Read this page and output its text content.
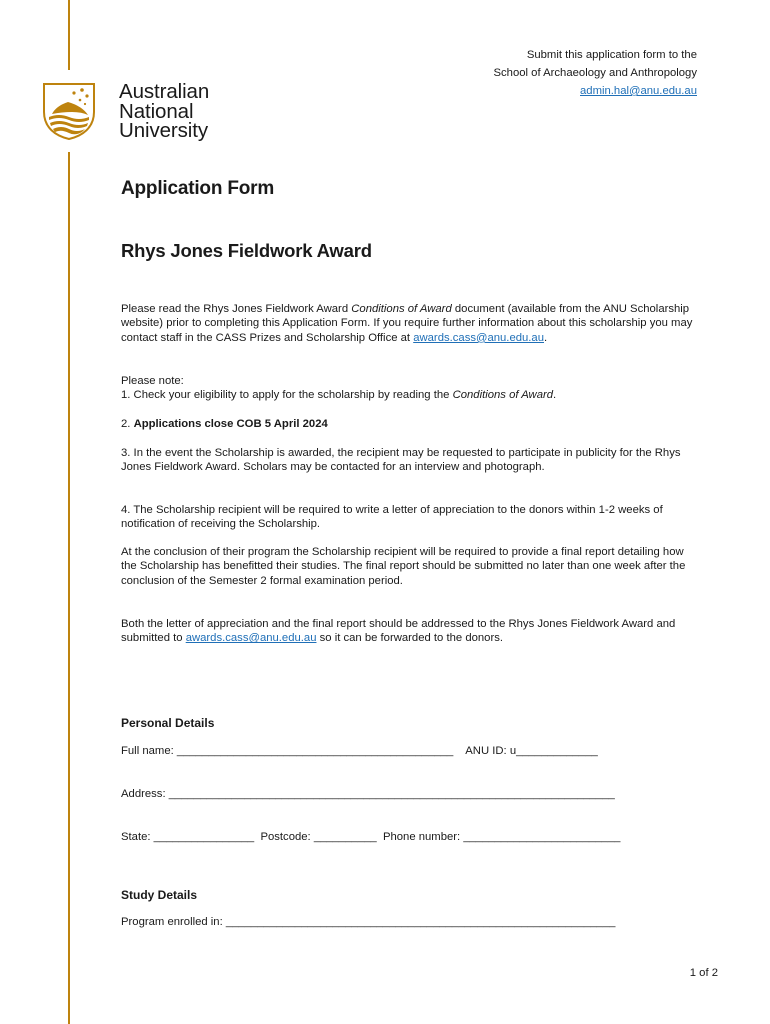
Australian
National
University
Submit this application form to the
School of Archaeology and Anthropology
admin.hal@anu.edu.au
Application Form
Rhys Jones Fieldwork Award

Please read the Rhys Jones Fieldwork Award Conditions of Award document (available from the ANU Scholarship website) prior to completing this Application Form. If you require further information about this scholarship you may contact staff in the CASS Prizes and Scholarship Office at awards.cass@anu.edu.au.

Please note:

1. Check your eligibility to apply for the scholarship by reading the Conditions of Award.

2. Applications close COB 5 April 2024

3. In the event the Scholarship is awarded, the recipient may be requested to participate in publicity for the Rhys Jones Fieldwork Award. Scholars may be contacted for an interview and photograph.

4. The Scholarship recipient will be required to write a letter of appreciation to the donors within 1-2 weeks of notification of receiving the Scholarship.

At the conclusion of their program the Scholarship recipient will be required to provide a final report detailing how the Scholarship has benefitted their studies. The final report should be submitted no later than one week after the conclusion of the Semester 2 formal examination period.

Both the letter of appreciation and the final report should be addressed to the Rhys Jones Fieldwork Award and submitted to awards.cass@anu.edu.au so it can be forwarded to the donors.

Personal Details
Full name: ____________________________________________    ANU ID: u_____________
Address: _______________________________________________________________________
State: ________________  Postcode: __________  Phone number: _________________________
Study Details
Program enrolled in: ______________________________________________________________
1 of 2
